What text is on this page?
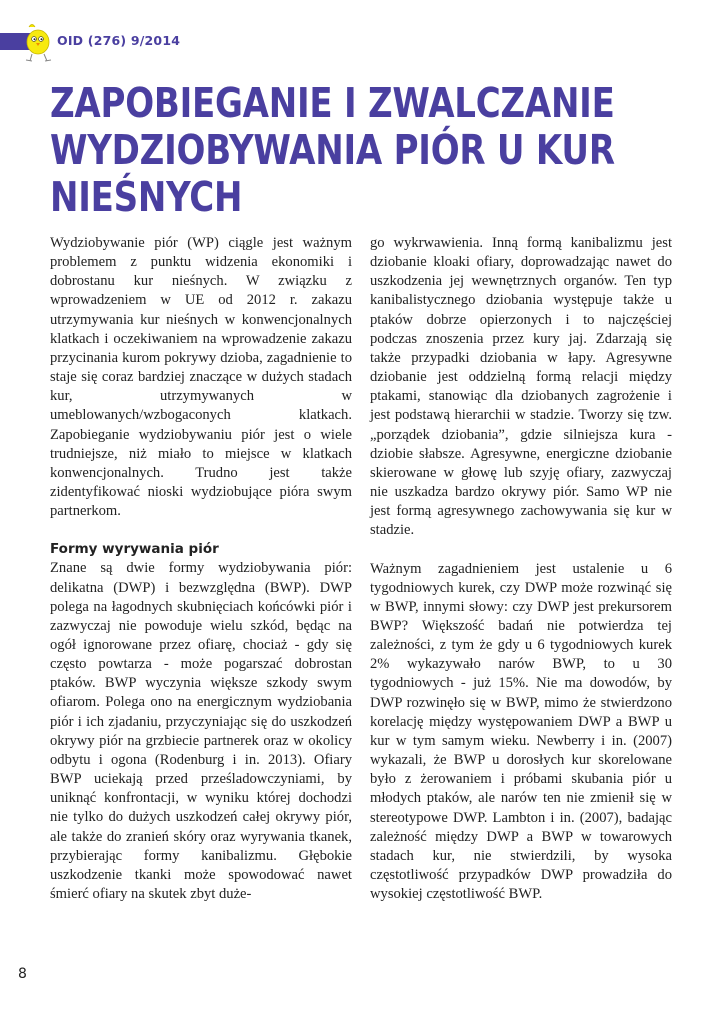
OID (276) 9/2014
ZAPOBIEGANIE I ZWALCZANIE
WYDZIOBYWANIA PIÓR U KUR
NIEŚNYCH

Wydziobywanie piór (WP) ciągle jest ważnym problemem z punktu widzenia ekonomiki i dobrostanu kur nieśnych. W związku z wprowadzeniem w UE od 2012 r. zakazu utrzymywania kur nieśnych w konwencjonalnych klatkach i oczekiwaniem na wprowadzenie zakazu przycinania kurom pokrywy dzioba, zagadnienie to staje się coraz bardziej znaczące w dużych stadach kur, utrzymywanych w umeblowanych/wzbogaconych klatkach. Zapobieganie wydziobywaniu piór jest o wiele trudniejsze, niż miało to miejsce w klatkach konwencjonalnych. Trudno jest także zidentyfikować nioski wydziobujące pióra swym partnerkom.

Formy wyrywania piór

Znane są dwie formy wydziobywania piór: delikatna (DWP) i bezwzględna (BWP). DWP polega na łagodnych skubnięciach końcówki piór i zazwyczaj nie powoduje wielu szkód, będąc na ogół ignorowane przez ofiarę, chociaż - gdy się często powtarza - może pogarszać dobrostan ptaków. BWP wyczynia większe szkody swym ofiarom. Polega ono na energicznym wydziobania piór i ich zjadaniu, przyczyniając się do uszkodzeń okrywy piór na grzbiecie partnerek oraz w okolicy odbytu i ogona (Rodenburg i in. 2013). Ofiary BWP uciekają przed prześladowczyniami, by uniknąć konfrontacji, w wyniku której dochodzi nie tylko do dużych uszkodzeń całej okrywy piór, ale także do zranień skóry oraz wyrywania tkanek, przybierając formy kanibalizmu. Głębokie uszkodzenie tkanki może spowodować nawet śmierć ofiary na skutek zbyt duże-

go wykrwawienia. Inną formą kanibalizmu jest dziobanie kloaki ofiary, doprowadzając nawet do uszkodzenia jej wewnętrznych organów. Ten typ kanibalistycznego dziobania występuje także u ptaków dobrze opierzonych i to najczęściej podczas znoszenia przez kury jaj. Zdarzają się także przypadki dziobania w łapy. Agresywne dziobanie jest oddzielną formą relacji między ptakami, stanowiąc dla dziobanych zagrożenie i jest podstawą hierarchii w stadzie. Tworzy się tzw. „porządek dziobania”, gdzie silniejsza kura - dziobie słabsze. Agresywne, energiczne dziobanie skierowane w głowę lub szyję ofiary, zazwyczaj nie uszkadza bardzo okrywy piór. Samo WP nie jest formą agresywnego zachowywania się kur w stadzie.

Ważnym zagadnieniem jest ustalenie u 6 tygodniowych kurek, czy DWP może rozwinąć się w BWP, innymi słowy: czy DWP jest prekursorem BWP? Większość badań nie potwierdza tej zależności, z tym że gdy u 6 tygodniowych kurek 2% wykazywało narów BWP, to u 30 tygodniowych - już 15%. Nie ma dowodów, by DWP rozwinęło się w BWP, mimo że stwierdzono korelację między występowaniem DWP a BWP u kur w tym samym wieku. Newberry i in. (2007) wykazali, że BWP u dorosłych kur skorelowane było z żerowaniem i próbami skubania piór u młodych ptaków, ale narów ten nie zmienił się w stereotypowe DWP. Lambton i in. (2007), badając zależność między DWP a BWP w towarowych stadach kur, nie stwierdzili, by wysoka częstotliwość przypadków DWP prowadziła do wysokiej częstotliwość BWP.

8
